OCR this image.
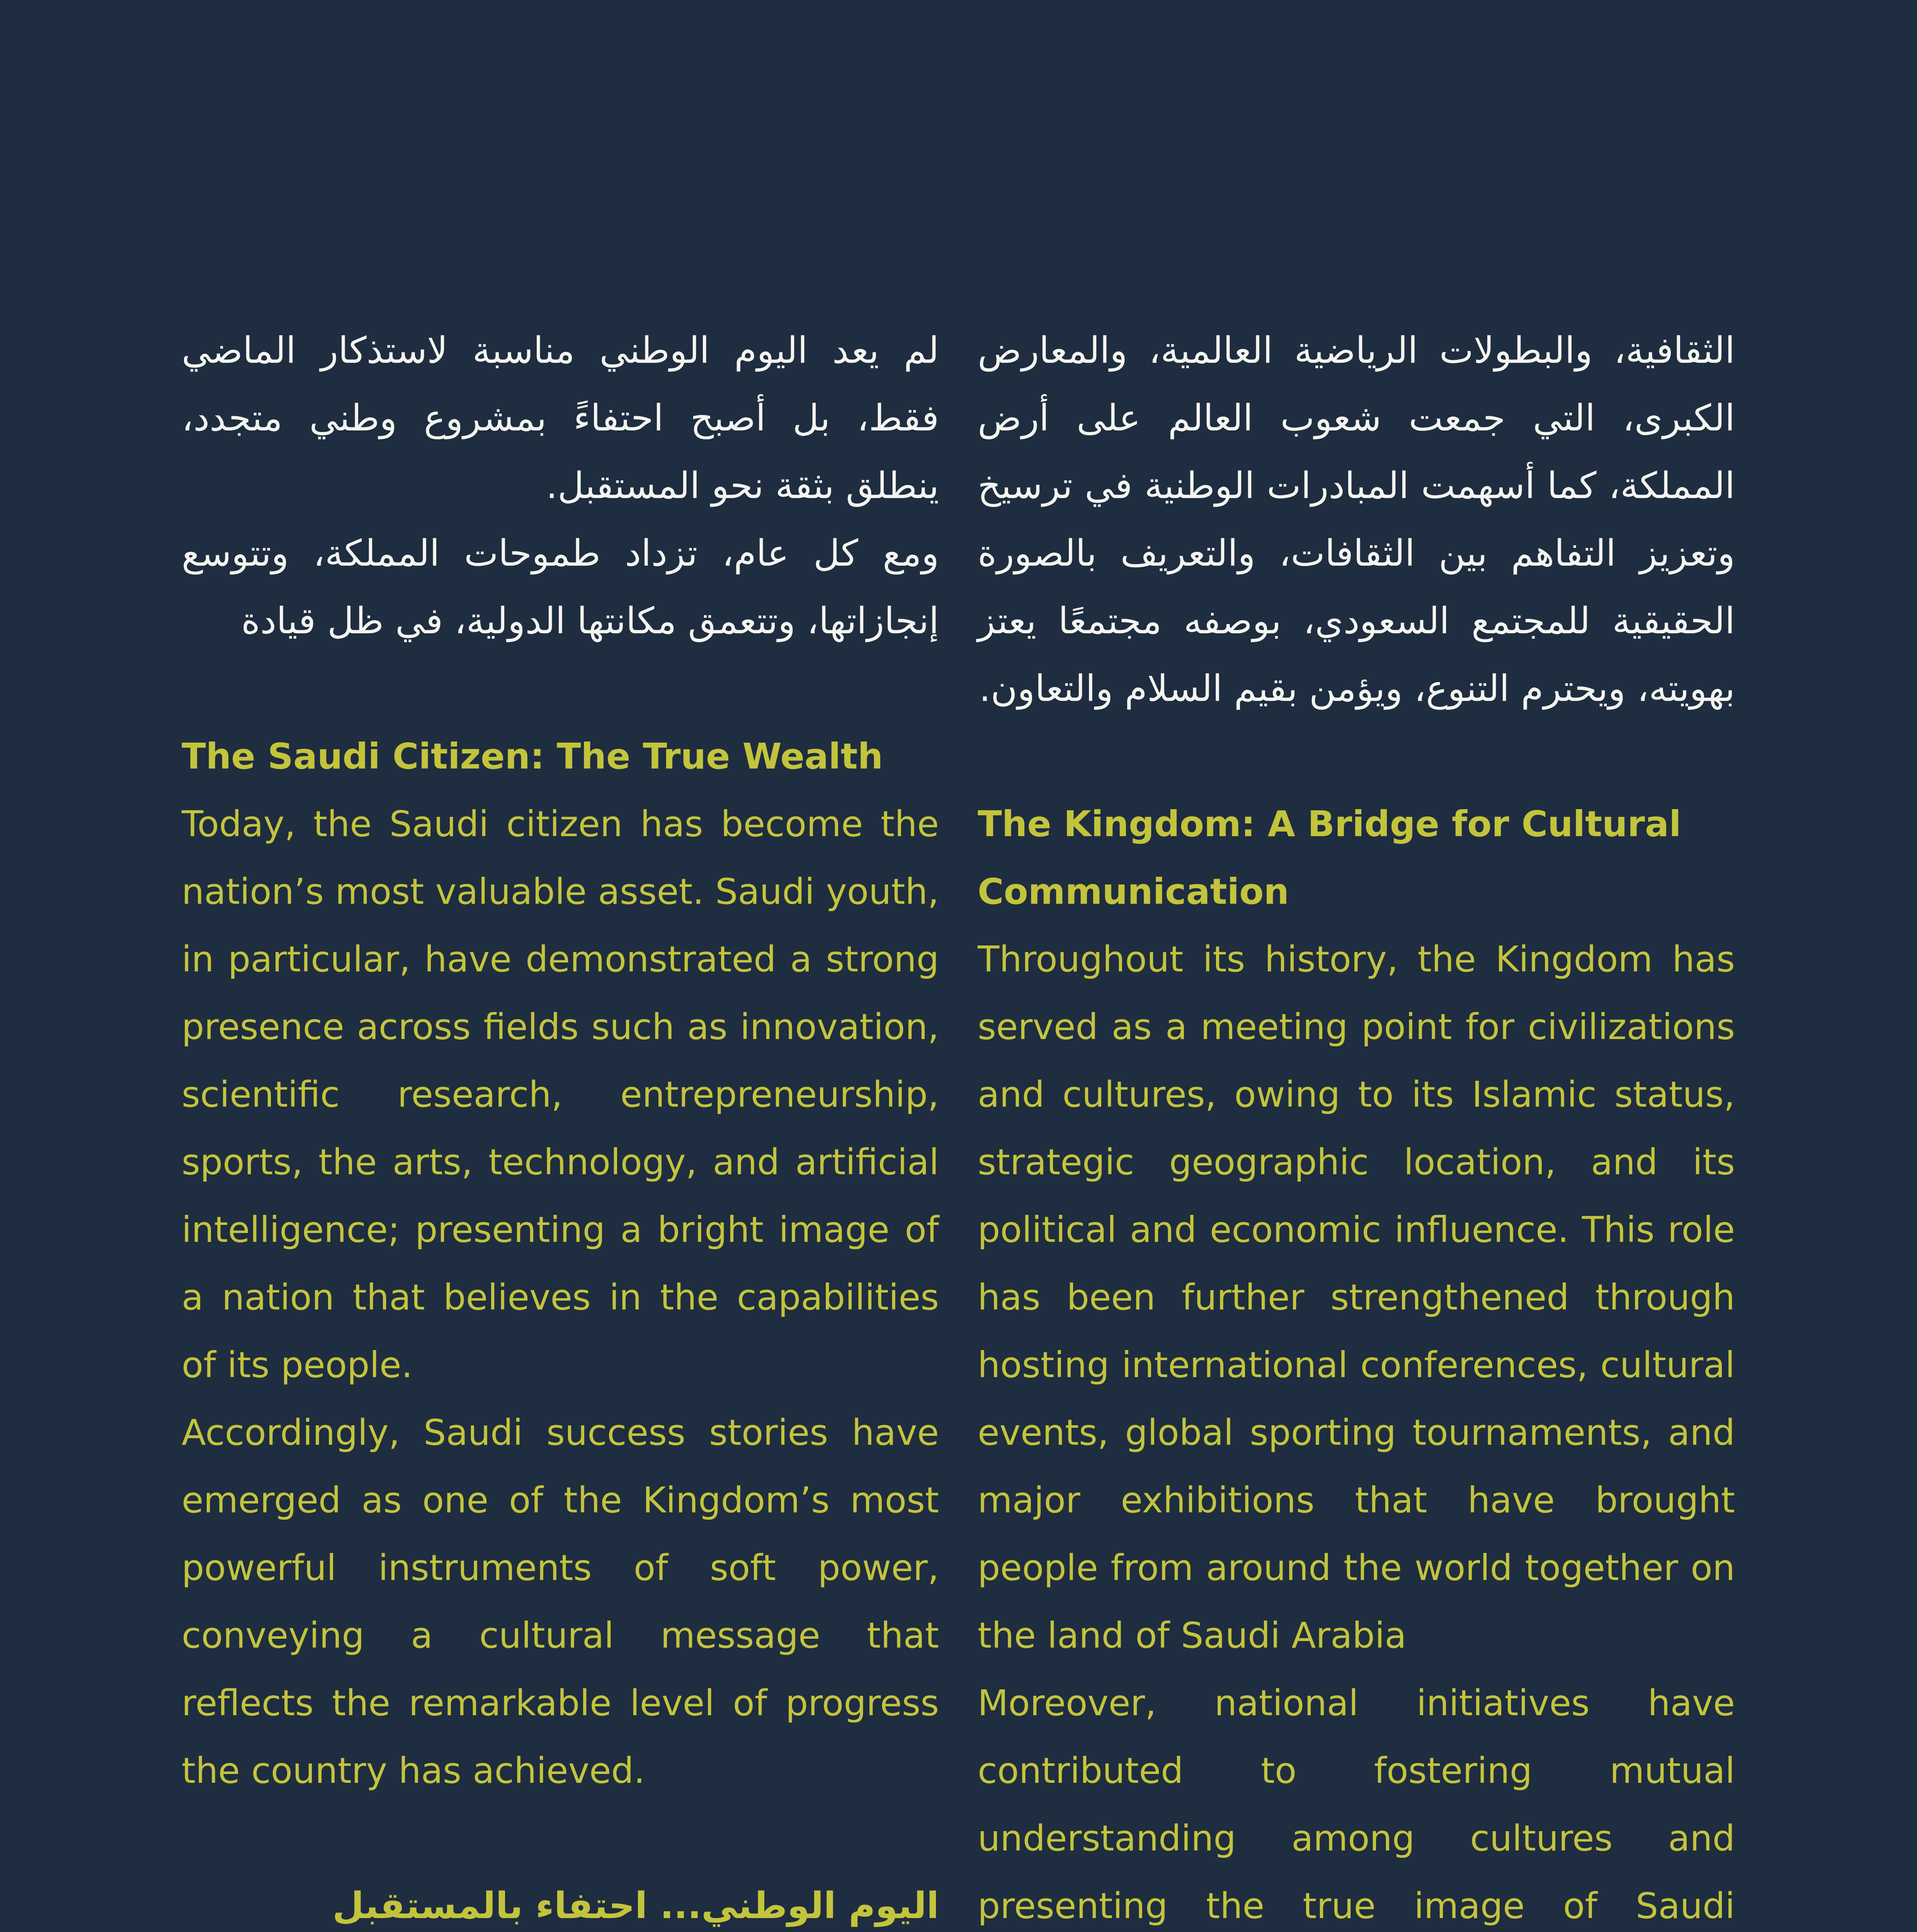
الثقافية، والبطولات الرياضية العالمية، والمعارض الكبرى، التي جمعت شعوب العالم على أرض المملكة، كما أسهمت المبادرات الوطنية في ترسيخ وتعزيز التفاهم بين الثقافات، والتعريف بالصورة الحقيقية للمجتمع السعودي، بوصفه مجتمعًا يعتز بهويته، ويحترم التنوع، ويؤمن بقيم السلام والتعاون.

The Kingdom: A Bridge for Cultural Communication

Throughout its history, the Kingdom has served as a meeting point for civilizations and cultures, owing to its Islamic status, strategic geographic location, and its political and economic influence. This role has been further strengthened through hosting international conferences, cultural events, global sporting tournaments, and major exhibitions that have brought people from around the world together on the land of Saudi Arabia

Moreover, national initiatives have contributed to fostering mutual understanding among cultures and presenting the true image of Saudi

لم يعد اليوم الوطني مناسبة لاستذكار الماضي فقط، بل أصبح احتفاءً بمشروع وطني متجدد، ينطلق بثقة نحو المستقبل.

ومع كل عام، تزداد طموحات المملكة، وتتوسع إنجازاتها، وتتعمق مكانتها الدولية، في ظل قيادة

The Saudi Citizen: The True Wealth

Today, the Saudi citizen has become the nation’s most valuable asset. Saudi youth, in particular, have demonstrated a strong presence across fields such as innovation, scientific research, entrepreneurship, sports, the arts, technology, and artificial intelligence; presenting a bright image of a nation that believes in the capabilities of its people.

Accordingly, Saudi success stories have emerged as one of the Kingdom’s most powerful instruments of soft power, conveying a cultural message that reflects the remarkable level of progress the country has achieved.

اليوم الوطني... احتفاء بالمستقبل
